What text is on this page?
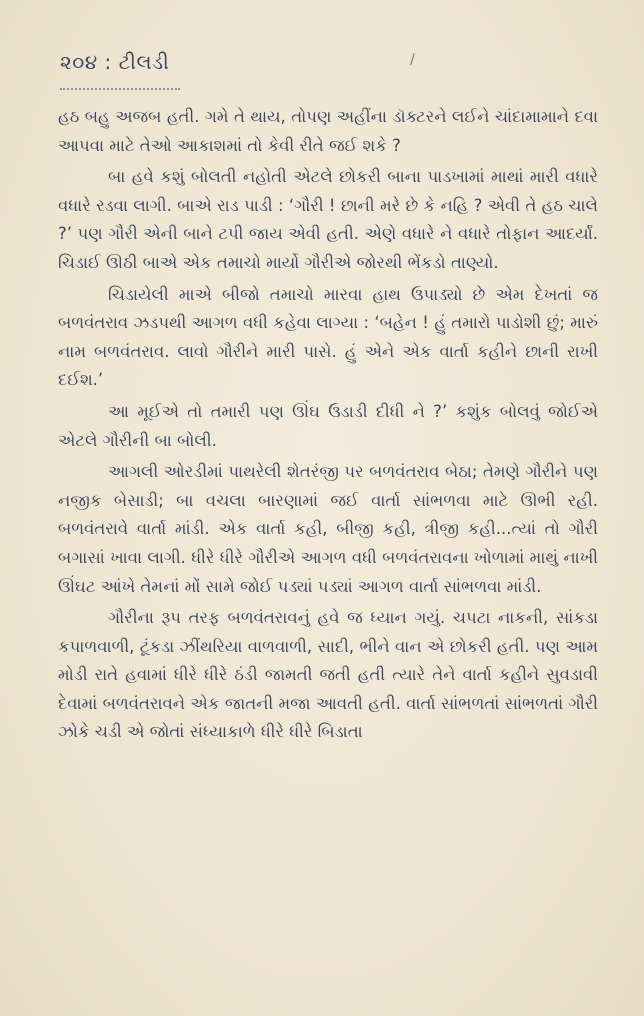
૨૦૪ : ટીલડી	/

હઠ બહુ અજબ હતી. ગમે તે થાય, તોપણ અહીંના ડૉક્ટરને લઈને ચાંદામામાને દવા આપવા માટે તેઓ આકાશમાં તો કેવી રીતે જઈ શકે ?

બા હવે કશું બોલતી નહોતી એટલે છોકરી બાના પાડખામાં માથાં મારી વધારે વધારે રડવા લાગી. બાએ રાડ પાડી : ‘ગૌરી ! છાની મરે છે કે નહિ ? એવી તે હઠ ચાલે ?’ પણ ગૌરી એની બાને ટપી જાય એવી હતી. એણે વધારે ને વધારે તોફાન આદર્યાં. ચિડાઈ ઊઠી બાએ એક તમાચો માર્યો ગૌરીએ જોરથી ભેંકડો તાણ્યો.

ચિડાયેલી માએ બીજો તમાચો મારવા હાથ ઉપાડ્યો છે એમ દેખતાં જ બળવંતરાવ ઝડપથી આગળ વધી કહેવા લાગ્યા : ‘બહેન ! હું તમારો પાડોશી છું; મારું નામ બળવંતરાવ. લાવો ગૌરીને મારી પાસે. હું એને એક વાર્તા કહીને છાની રાખી દઈશ.’

આ મૂઈએ તો તમારી પણ ઊંઘ ઉડાડી દીધી ને ?’ કશુંક બોલવું જોઈએ એટલે ગૌરીની બા બોલી.

આગલી ઓરડીમાં પાથરેલી શેતરંજી પર બળવંતરાવ બેઠા; તેમણે ગૌરીને પણ નજીક બેસાડી; બા વચલા બારણામાં જઈ વાર્તા સાંભળવા માટે ઊભી રહી. બળવંતરાવે વાર્તા માંડી. એક વાર્તા કહી, બીજી કહી, ત્રીજી કહી...ત્યાં તો ગૌરી બગાસાં ખાવા લાગી. ધીરે ધીરે ગૌરીએ આગળ વધી બળવંતરાવના ખોળામાં માથું નાખી ઊંઘટ આંખે તેમનાં મોં સામે જોઈ પડ્યાં પડ્યાં આગળ વાર્તા સાંભળવા માંડી.

ગૌરીના રૂપ તરફ બળવંતરાવનું હવે જ ધ્યાન ગયું. ચપટા નાકની, સાંકડા કપાળવાળી, ટૂંકડા ઝીંથરિયા વાળવાળી, સાદી, ભીને વાન એ છોકરી હતી. પણ આમ મોડી રાતે હવામાં ધીરે ધીરે ઠંડી જામતી જતી હતી ત્યારે તેને વાર્તા કહીને સુવડાવી દેવામાં બળવંતરાવને એક જાતની મજા આવતી હતી. વાર્તા સાંભળતાં સાંભળતાં ગૌરી ઝોકે ચડી એ જોતાં સંધ્યાકાળે ધીરે ધીરે બિડાતા
